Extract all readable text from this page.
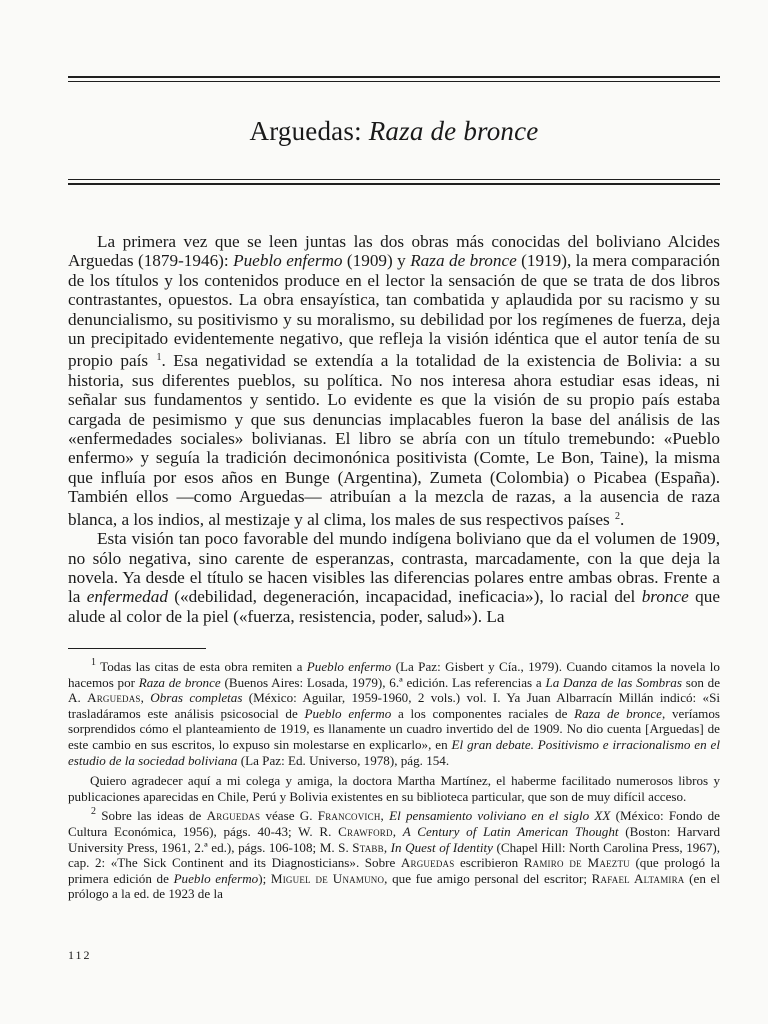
Arguedas: Raza de bronce

La primera vez que se leen juntas las dos obras más conocidas del boliviano Alcides Arguedas (1879-1946): Pueblo enfermo (1909) y Raza de bronce (1919), la mera comparación de los títulos y los contenidos produce en el lector la sensación de que se trata de dos libros contrastantes, opuestos. La obra ensayística, tan combatida y aplaudida por su racismo y su denuncialismo, su positivismo y su moralismo, su debilidad por los regímenes de fuerza, deja un precipitado evidentemente negativo, que refleja la visión idéntica que el autor tenía de su propio país $^1$. Esa negatividad se extendía a la totalidad de la existencia de Bolivia: a su historia, sus diferentes pueblos, su política. No nos interesa ahora estudiar esas ideas, ni señalar sus fundamentos y sentido. Lo evidente es que la visión de su propio país estaba cargada de pesimismo y que sus denuncias implacables fueron la base del análisis de las «enfermedades sociales» bolivianas. El libro se abría con un título tremebundo: «Pueblo enfermo» y seguía la tradición decimonónica positivista (Comte, Le Bon, Taine), la misma que influía por esos años en Bunge (Argentina), Zumeta (Colombia) o Picabea (España). También ellos —como Arguedas— atribuían a la mezcla de razas, a la ausencia de raza blanca, a los indios, al mestizaje y al clima, los males de sus respectivos países $^2$.

Esta visión tan poco favorable del mundo indígena boliviano que da el volumen de 1909, no sólo negativa, sino carente de esperanzas, contrasta, marcadamente, con la que deja la novela. Ya desde el título se hacen visibles las diferencias polares entre ambas obras. Frente a la enfermedad («debilidad, degeneración, incapacidad, ineficacia»), lo racial del bronce que alude al color de la piel («fuerza, resistencia, poder, salud»). La

$^1$ Todas las citas de esta obra remiten a Pueblo enfermo (La Paz: Gisbert y Cía., 1979). Cuando citamos la novela lo hacemos por Raza de bronce (Buenos Aires: Losada, 1979), 6.ª edición. Las referencias a La Danza de las Sombras son de A. Arguedas, Obras completas (México: Aguilar, 1959-1960, 2 vols.) vol. I. Ya Juan Albarracín Millán indicó: «Si trasladáramos este análisis psicosocial de Pueblo enfermo a los componentes raciales de Raza de bronce, veríamos sorprendidos cómo el planteamiento de 1919, es llanamente un cuadro invertido del de 1909. No dio cuenta [Arguedas] de este cambio en sus escritos, lo expuso sin molestarse en explicarlo», en El gran debate. Positivismo e irracionalismo en el estudio de la sociedad boliviana (La Paz: Ed. Universo, 1978), pág. 154.

Quiero agradecer aquí a mi colega y amiga, la doctora Martha Martínez, el haberme facilitado numerosos libros y publicaciones aparecidas en Chile, Perú y Bolivia existentes en su biblioteca particular, que son de muy difícil acceso.

$^2$ Sobre las ideas de Arguedas véase G. Francovich, El pensamiento voliviano en el siglo XX (México: Fondo de Cultura Económica, 1956), págs. 40-43; W. R. Crawford, A Century of Latin American Thought (Boston: Harvard University Press, 1961, 2.ª ed.), págs. 106-108; M. S. Stabb, In Quest of Identity (Chapel Hill: North Carolina Press, 1967), cap. 2: «The Sick Continent and its Diagnosticians». Sobre Arguedas escribieron Ramiro de Maeztu (que prologó la primera edición de Pueblo enfermo); Miguel de Unamuno, que fue amigo personal del escritor; Rafael Altamira (en el prólogo a la ed. de 1923 de la

112
